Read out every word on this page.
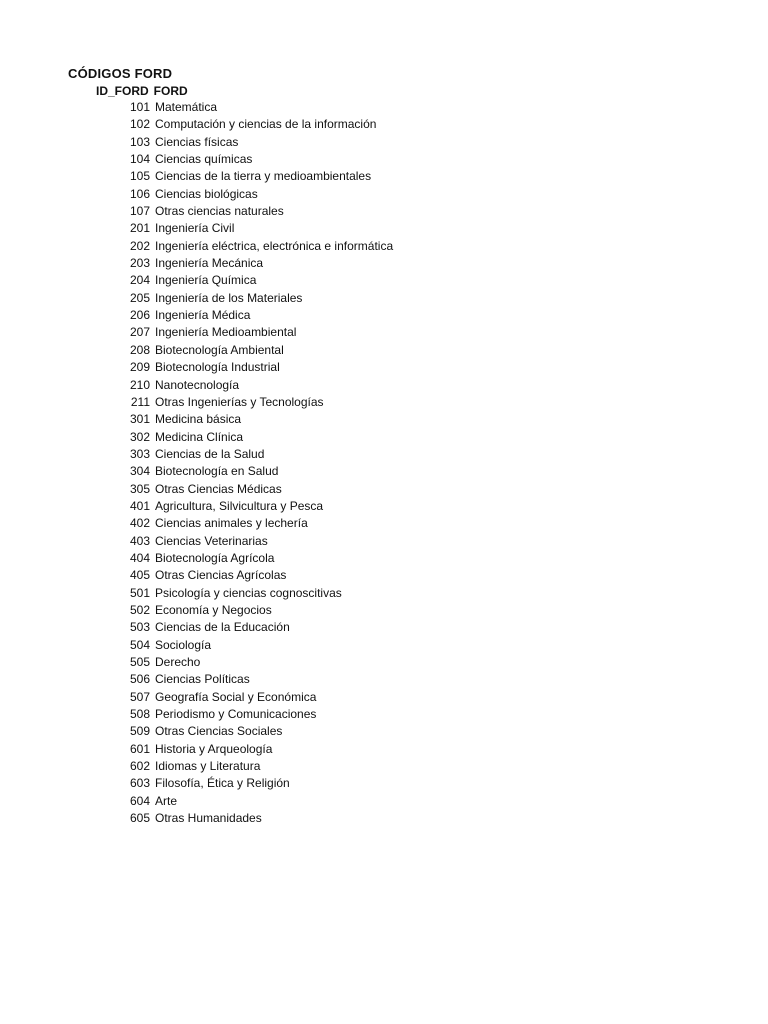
CÓDIGOS FORD
ID_FORD FORD
101 Matemática
102 Computación y ciencias de la información
103 Ciencias físicas
104 Ciencias químicas
105 Ciencias de la tierra y medioambientales
106 Ciencias biológicas
107 Otras ciencias naturales
201 Ingeniería Civil
202 Ingeniería eléctrica, electrónica e informática
203 Ingeniería Mecánica
204 Ingeniería Química
205 Ingeniería de los Materiales
206 Ingeniería Médica
207 Ingeniería Medioambiental
208 Biotecnología Ambiental
209 Biotecnología Industrial
210 Nanotecnología
211 Otras Ingenierías y Tecnologías
301 Medicina básica
302 Medicina Clínica
303 Ciencias de la Salud
304 Biotecnología en Salud
305 Otras Ciencias Médicas
401 Agricultura, Silvicultura y Pesca
402 Ciencias animales y lechería
403 Ciencias Veterinarias
404 Biotecnología Agrícola
405 Otras Ciencias Agrícolas
501 Psicología y ciencias cognoscitivas
502 Economía y Negocios
503 Ciencias de la Educación
504 Sociología
505 Derecho
506 Ciencias Políticas
507 Geografía Social y Económica
508 Periodismo y Comunicaciones
509 Otras Ciencias Sociales
601 Historia y Arqueología
602 Idiomas y Literatura
603 Filosofía, Ética y Religión
604 Arte
605 Otras Humanidades
